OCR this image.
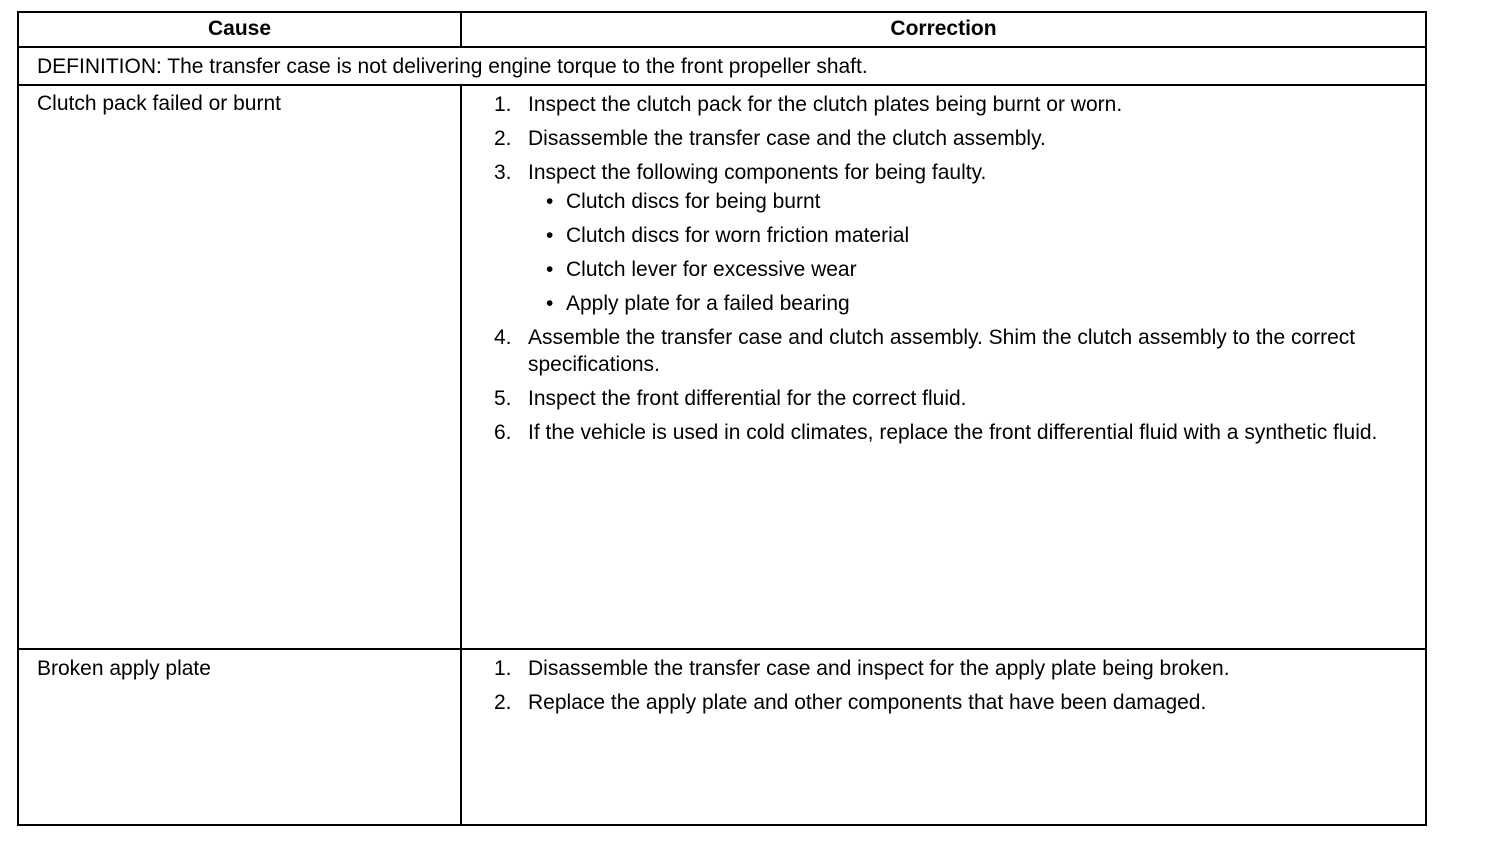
Cause	Correction
DEFINITION: The transfer case is not delivering engine torque to the front propeller shaft.
Clutch pack failed or burnt	1. Inspect the clutch pack for the clutch plates being burnt or worn.
2. Disassemble the transfer case and the clutch assembly.
3. Inspect the following components for being faulty.
• Clutch discs for being burnt
• Clutch discs for worn friction material
• Clutch lever for excessive wear
• Apply plate for a failed bearing
4. Assemble the transfer case and clutch assembly. Shim the clutch assembly to the correct specifications.
5. Inspect the front differential for the correct fluid.
6. If the vehicle is used in cold climates, replace the front differential fluid with a synthetic fluid.
Broken apply plate	1. Disassemble the transfer case and inspect for the apply plate being broken.
2. Replace the apply plate and other components that have been damaged.
